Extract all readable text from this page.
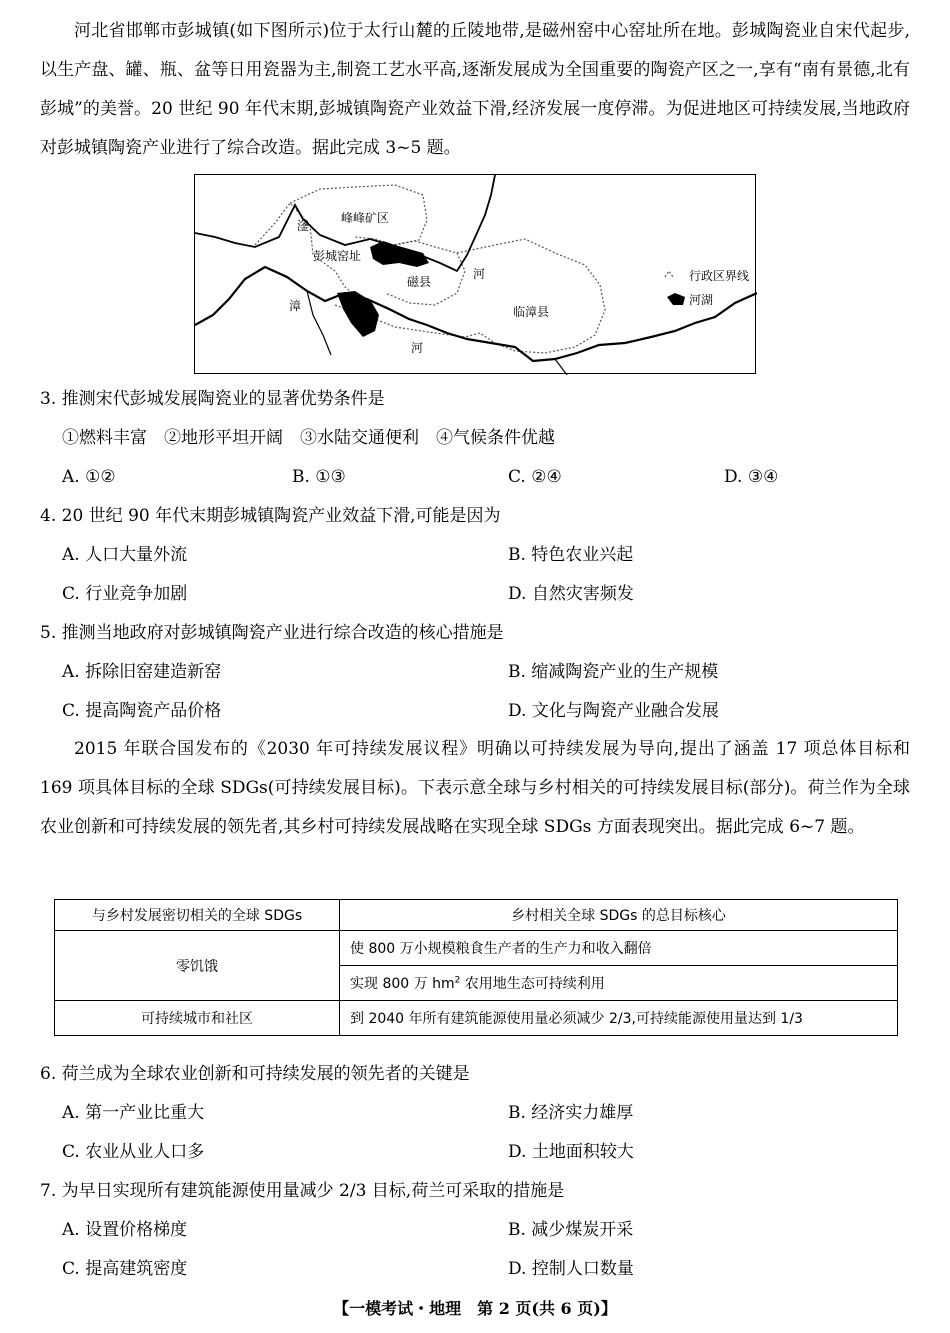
河北省邯郸市彭城镇(如下图所示)位于太行山麓的丘陵地带,是磁州窑中心窑址所在地。彭城陶瓷业自宋代起步,以生产盘、罐、瓶、盆等日用瓷器为主,制瓷工艺水平高,逐渐发展成为全国重要的陶瓷产区之一,享有“南有景德,北有彭城”的美誉。20 世纪 90 年代末期,彭城镇陶瓷产业效益下滑,经济发展一度停滞。为促进地区可持续发展,当地政府对彭城镇陶瓷产业进行了综合改造。据此完成 3~5 题。

滏
峰峰矿区
彭城窑址	阳
河
磁县
漳	临漳县
河
行政区界线
河湖

3. 推测宋代彭城发展陶瓷业的显著优势条件是

①燃料丰富　②地形平坦开阔　③水陆交通便利　④气候条件优越
A. ①②	B. ①③	C. ②④	D. ③④

4. 20 世纪 90 年代末期彭城镇陶瓷产业效益下滑,可能是因为

A. 人口大量外流	B. 特色农业兴起
C. 行业竞争加剧	D. 自然灾害频发

5. 推测当地政府对彭城镇陶瓷产业进行综合改造的核心措施是

A. 拆除旧窑建造新窑	B. 缩减陶瓷产业的生产规模
C. 提高陶瓷产品价格	D. 文化与陶瓷产业融合发展

2015 年联合国发布的《2030 年可持续发展议程》明确以可持续发展为导向,提出了涵盖 17 项总体目标和 169 项具体目标的全球 SDGs(可持续发展目标)。下表示意全球与乡村相关的可持续发展目标(部分)。荷兰作为全球农业创新和可持续发展的领先者,其乡村可持续发展战略在实现全球 SDGs 方面表现突出。据此完成 6~7 题。

与乡村发展密切相关的全球 SDGs	乡村相关全球 SDGs 的总目标核心
零饥饿	使 800 万小规模粮食生产者的生产力和收入翻倍
	实现 800 万 $hm^2$ 农用地生态可持续利用
可持续城市和社区	到 2040 年所有建筑能源使用量必须减少 2/3,可持续能源使用量达到 1/3

6. 荷兰成为全球农业创新和可持续发展的领先者的关键是

A. 第一产业比重大	B. 经济实力雄厚
C. 农业从业人口多	D. 土地面积较大

7. 为早日实现所有建筑能源使用量减少 2/3 目标,荷兰可采取的措施是

A. 设置价格梯度	B. 减少煤炭开采
C. 提高建筑密度	D. 控制人口数量
【一模考试・地理　第 2 页(共 6 页)】
